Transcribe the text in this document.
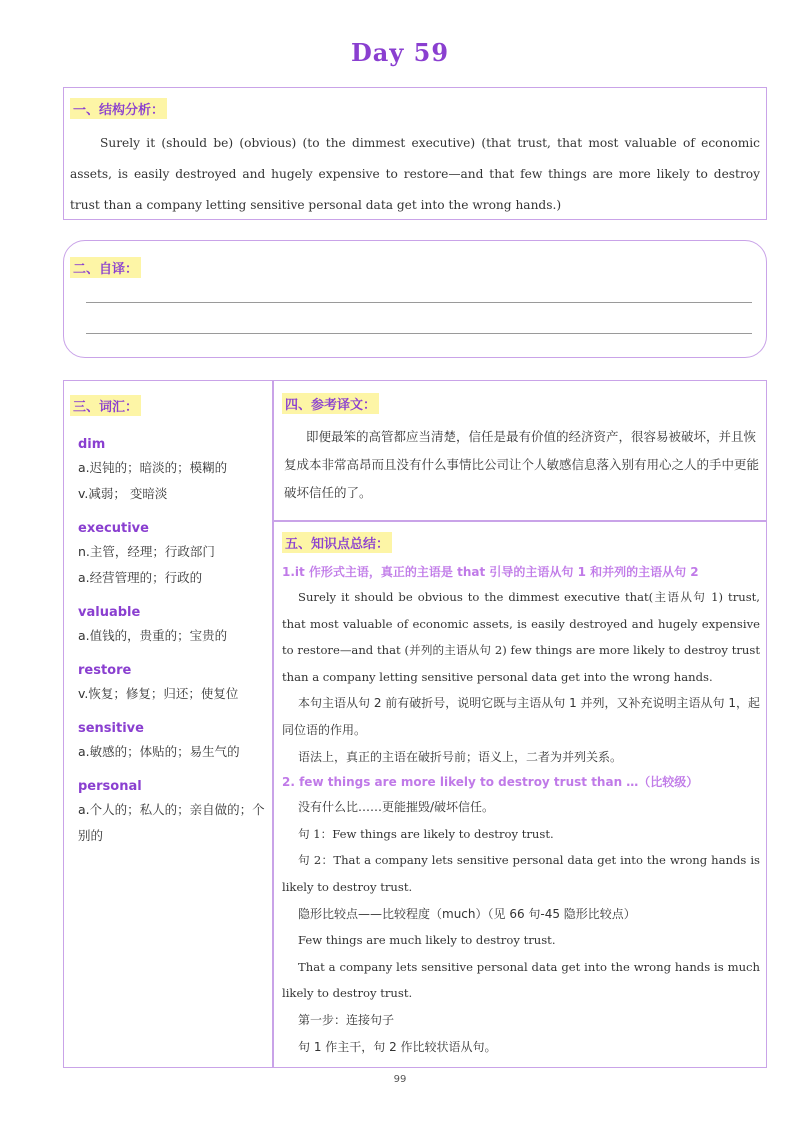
Day 59
一、结构分析：
Surely it (should be) (obvious) (to the dimmest executive) (that trust, that most valuable of economic assets, is easily destroyed and hugely expensive to restore—and that few things are more likely to destroy trust than a company letting sensitive personal data get into the wrong hands.)
二、自译：
三、词汇：
dim
a.迟钝的；暗淡的；模糊的
v.减弱； 变暗淡
executive
n.主管，经理；行政部门
a.经营管理的；行政的
valuable
a.值钱的，贵重的；宝贵的
restore
v.恢复；修复；归还；使复位
sensitive
a.敏感的；体贴的；易生气的
personal
a.个人的；私人的；亲自做的；个别的
四、参考译文：
即便最笨的高管都应当清楚，信任是最有价值的经济资产，很容易被破坏，并且恢复成本非常高昂而且没有什么事情比公司让个人敏感信息落入别有用心之人的手中更能破坏信任的了。
五、知识点总结：
1.it 作形式主语，真正的主语是 that 引导的主语从句 1 和并列的主语从句 2
Surely it should be obvious to the dimmest executive that(主语从句 1) trust, that most valuable of economic assets, is easily destroyed and hugely expensive to restore—and that (并列的主语从句 2) few things are more likely to destroy trust than a company letting sensitive personal data get into the wrong hands.
本句主语从句 2 前有破折号，说明它既与主语从句 1 并列，又补充说明主语从句 1，起同位语的作用。
语法上，真正的主语在破折号前；语义上，二者为并列关系。
2. few things are more likely to destroy trust than …（比较级）
没有什么比……更能摧毁/破坏信任。
句 1：Few things are likely to destroy trust.
句 2：That a company lets sensitive personal data get into the wrong hands is likely to destroy trust.
隐形比较点——比较程度（much）（见 66 句-45 隐形比较点）
Few things are much likely to destroy trust.
That a company lets sensitive personal data get into the wrong hands is much likely to destroy trust.
第一步：连接句子
句 1 作主干，句 2 作比较状语从句。
99
